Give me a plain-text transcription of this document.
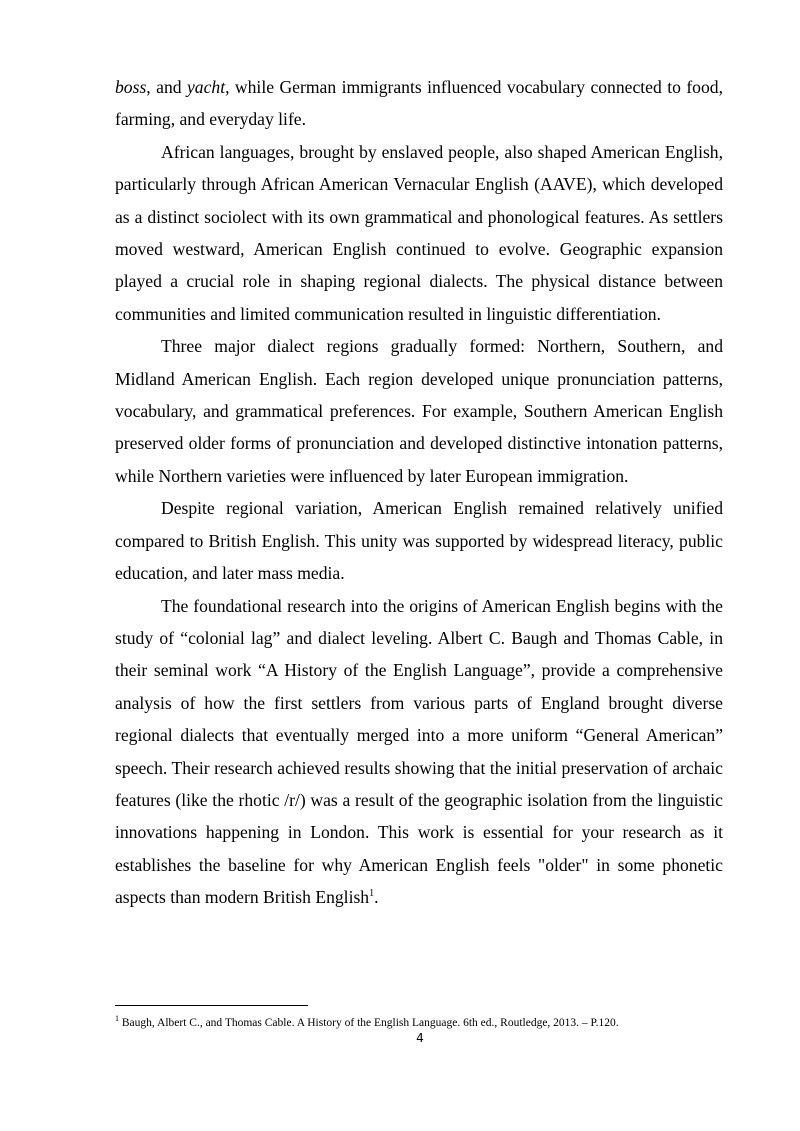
boss, and yacht, while German immigrants influenced vocabulary connected to food, farming, and everyday life.

African languages, brought by enslaved people, also shaped American English, particularly through African American Vernacular English (AAVE), which developed as a distinct sociolect with its own grammatical and phonological features. As settlers moved westward, American English continued to evolve. Geographic expansion played a crucial role in shaping regional dialects. The physical distance between communities and limited communication resulted in linguistic differentiation.

Three major dialect regions gradually formed: Northern, Southern, and Midland American English. Each region developed unique pronunciation patterns, vocabulary, and grammatical preferences. For example, Southern American English preserved older forms of pronunciation and developed distinctive intonation patterns, while Northern varieties were influenced by later European immigration.

Despite regional variation, American English remained relatively unified compared to British English. This unity was supported by widespread literacy, public education, and later mass media.

The foundational research into the origins of American English begins with the study of “colonial lag” and dialect leveling. Albert C. Baugh and Thomas Cable, in their seminal work “A History of the English Language”, provide a comprehensive analysis of how the first settlers from various parts of England brought diverse regional dialects that eventually merged into a more uniform “General American” speech. Their research achieved results showing that the initial preservation of archaic features (like the rhotic /r/) was a result of the geographic isolation from the linguistic innovations happening in London. This work is essential for your research as it establishes the baseline for why American English feels "older" in some phonetic aspects than modern British English$^1$.

$^1$ Baugh, Albert C., and Thomas Cable. A History of the English Language. 6th ed., Routledge, 2013. – P.120.
4
